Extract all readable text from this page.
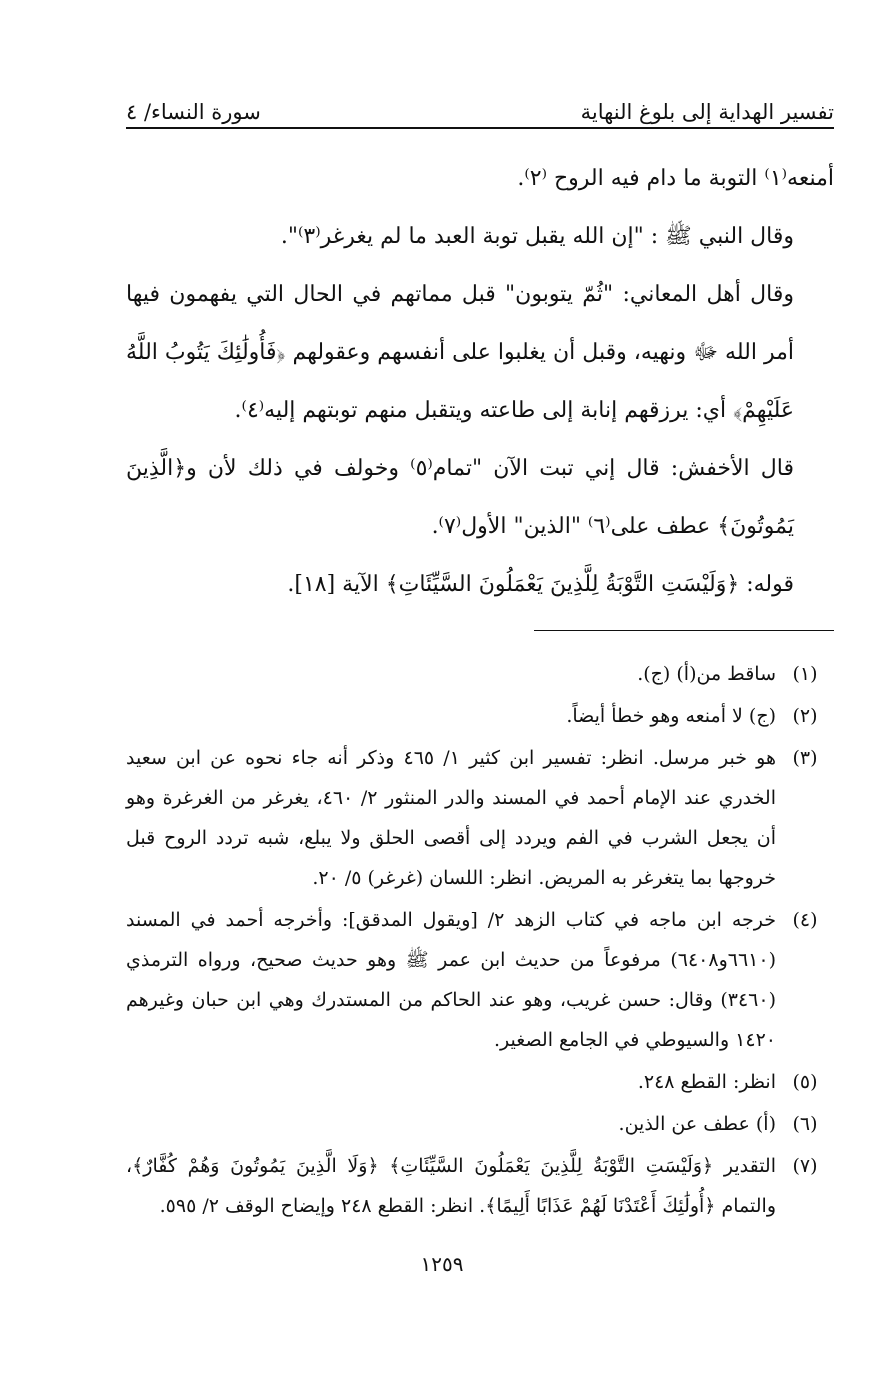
تفسير الهداية إلى بلوغ النهاية
سورة النساء/ ٤

أمنعه⁽١⁾ التوبة ما دام فيه الروح ⁽٢⁾.

وقال النبي ﷺ : "إن الله يقبل توبة العبد ما لم يغرغر⁽٣⁾".

وقال أهل المعاني: "ثُمّ يتوبون" قبل مماتهم في الحال التي يفهمون فيها أمر الله ﷻ ونهيه، وقبل أن يغلبوا على أنفسهم وعقولهم ﴿فَأُولَٰئِكَ يَتُوبُ اللَّهُ عَلَيْهِمْ﴾ أي: يرزقهم إنابة إلى طاعته ويتقبل منهم توبتهم إليه⁽٤⁾.

قال الأخفش: قال إني تبت الآن "تمام⁽٥⁾ وخولف في ذلك لأن و﴿الَّذِينَ يَمُوتُونَ﴾ عطف على⁽٦⁾ "الذين" الأول⁽٧⁾.

قوله: ﴿وَلَيْسَتِ التَّوْبَةُ لِلَّذِينَ يَعْمَلُونَ السَّيِّئَاتِ﴾ الآية [١٨].

(١)
ساقط من(أ) (ج).
(٢)
(ج) لا أمنعه وهو خطأ أيضاً.
(٣)
هو خبر مرسل. انظر: تفسير ابن كثير ١/ ٤٦٥ وذكر أنه جاء نحوه عن ابن سعيد الخدري عند الإمام أحمد في المسند والدر المنثور ٢/ ٤٦٠، يغرغر من الغرغرة وهو أن يجعل الشرب في الفم ويردد إلى أقصى الحلق ولا يبلع، شبه تردد الروح قبل خروجها بما يتغرغر به المريض. انظر: اللسان (غرغر) ٥/ ٢٠.
(٤)
خرجه ابن ماجه في كتاب الزهد ٢/ [ويقول المدقق]: وأخرجه أحمد في المسند (٦٦١٠و٦٤٠٨) مرفوعاً من حديث ابن عمر ﷺ وهو حديث صحيح، ورواه الترمذي (٣٤٦٠) وقال: حسن غريب، وهو عند الحاكم من المستدرك وهي ابن حبان وغيرهم ١٤٢٠ والسيوطي في الجامع الصغير.
(٥)
انظر: القطع ٢٤٨.
(٦)
(أ) عطف عن الذين.
(٧)
التقدير ﴿وَلَيْسَتِ التَّوْبَةُ لِلَّذِينَ يَعْمَلُونَ السَّيِّئَاتِ﴾ ﴿وَلَا الَّذِينَ يَمُوتُونَ وَهُمْ كُفَّارٌ﴾، والتمام ﴿أُولَٰئِكَ أَعْتَدْنَا لَهُمْ عَذَابًا أَلِيمًا﴾. انظر: القطع ٢٤٨ وإيضاح الوقف ٢/ ٥٩٥.
١٢٥٩
